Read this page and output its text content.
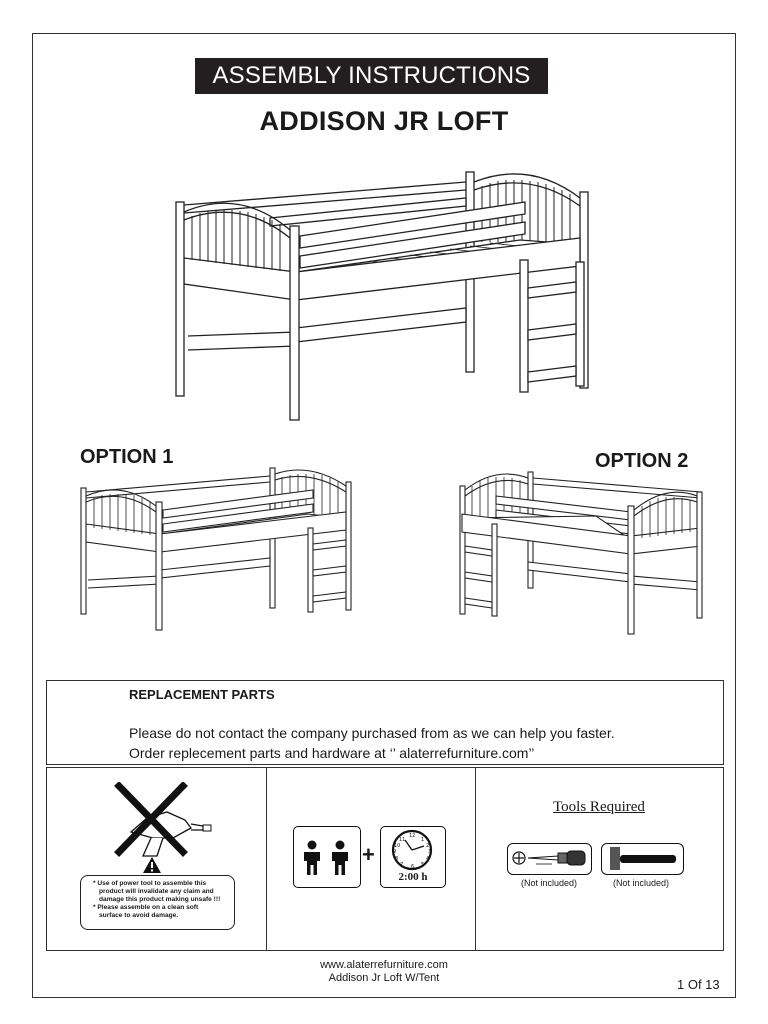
ASSEMBLY INSTRUCTIONS
ADDISON JR LOFT
OPTION 1	OPTION 2
REPLACEMENT PARTS
Please do not contact the company purchased from as we can help you faster.
Order replecement parts and hardware at ‘’ alaterrefurniture.com’’
* Use of power tool to assemble this
product will invalidate any claim and
damage this product making unsafe !!!
* Please assemble on a clean soft
surface to avoid damage.
+
12
1
2
3
4
5
6
7
8
9
10
11
2:00 h
Tools Required
(Not included)	(Not included)
www.alaterrefurniture.com
Addison Jr Loft W/Tent	1 Of 13
